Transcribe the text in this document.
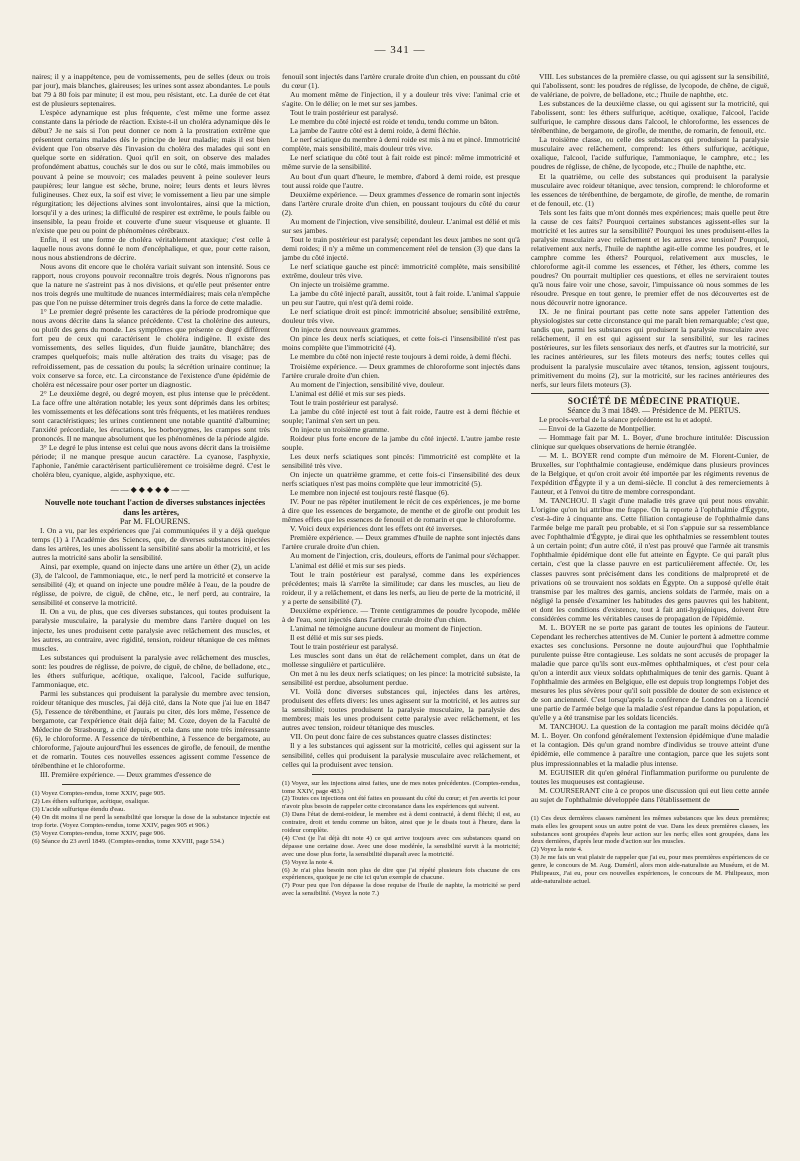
— 341 —

naires; il y a inappétence, peu de vomissements, peu de selles (deux ou trois par jour), mais blanches, glaireuses; les urines sont assez abondantes. Le pouls bat 79 à 80 fois par minute; il est mou, peu résistant, etc. La durée de cet état est de plusieurs septenaires.

L'espèce adynamique est plus fréquente, c'est même une forme assez constante dans la période de réaction. Existe-t-il un choléra adynamique dès le début? Je ne sais si l'on peut donner ce nom à la prostration extrême que présentent certains malades dès le principe de leur maladie; mais il est bien évident que l'on observe dès l'invasion du choléra des malades qui sont en quelque sorte en sidération. Quoi qu'il en soit, on observe des malades profondément abattus, couchés sur le dos ou sur le côté, mais immobiles ou pouvant à peine se mouvoir; ces malades peuvent à peine soulever leurs paupières; leur langue est sèche, brune, noire; leurs dents et leurs lèvres fuligineuses. Chez eux, la soif est vive; le vomissement a lieu par une simple régurgitation; les déjections alvines sont involontaires, ainsi que la miction, lorsqu'il y a des urines; la difficulté de respirer est extrême, le pouls faible ou insensible, la peau froide et couverte d'une sueur visqueuse et gluante. Il n'existe que peu ou point de phénomènes cérébraux.

Enfin, il est une forme de choléra véritablement ataxique; c'est celle à laquelle nous avons donné le nom d'encéphalique, et que, pour cette raison, nous nous abstiendrons de décrire.

Nous avons dit encore que le choléra variait suivant son intensité. Sous ce rapport, nous croyons pouvoir reconnaître trois degrés. Nous n'ignorons pas que la nature ne s'astreint pas à nos divisions, et qu'elle peut présenter entre nos trois degrés une multitude de nuances intermédiaires; mais cela n'empêche pas que l'on ne puisse déterminer trois degrés dans la force de cette maladie.

1° Le premier degré présente les caractères de la période prodromique que nous avons décrite dans la séance précédente. C'est la cholérine des auteurs, ou plutôt des gens du monde. Les symptômes que présente ce degré diffèrent fort peu de ceux qui caractérisent le choléra indigène. Il existe des vomissements, des selles liquides, d'un fluide jaunâtre, blanchâtre; des crampes quelquefois; mais nulle altération des traits du visage; pas de refroidissement, pas de cessation du pouls; la sécrétion urinaire continue; la voix conserve sa force, etc. La circonstance de l'existence d'une épidémie de choléra est nécessaire pour oser porter un diagnostic.

2° Le deuxième degré, ou degré moyen, est plus intense que le précédent. La face offre une altération notable; les yeux sont déprimés dans les orbites; les vomissements et les défécations sont très fréquents, et les matières rendues sont caractéristiques; les urines contiennent une notable quantité d'albumine; l'anxiété précordiale, les éructations, les borborygmes, les crampes sont très prononcés. Il ne manque absolument que les phénomènes de la période algide.

3° Le degré le plus intense est celui que nous avons décrit dans la troisième période; il ne manque presque aucun caractère. La cyanose, l'asphyxie, l'aphonie, l'anémie caractérisent particulièrement ce troisième degré. C'est le choléra bleu, cyanique, algide, asphyxique, etc.

——◆◆◆◆◆——

Nouvelle note touchant l'action de diverses substances injectées dans les artères,

Par M. FLOURENS.

I. On a vu, par les expériences que j'ai communiquées il y a déjà quelque temps (1) à l'Académie des Sciences, que, de diverses substances injectées dans les artères, les unes abolissent la sensibilité sans abolir la motricité, et les autres la motricité sans abolir la sensibilité.

Ainsi, par exemple, quand on injecte dans une artère un éther (2), un acide (3), de l'alcool, de l'ammoniaque, etc., le nerf perd la motricité et conserve la sensibilité (4); et quand on injecte une poudre mêlée à l'eau, de la poudre de réglisse, de poivre, de ciguë, de chêne, etc., le nerf perd, au contraire, la sensibilité et conserve la motricité.

II. On a vu, de plus, que ces diverses substances, qui toutes produisent la paralysie musculaire, la paralysie du membre dans l'artère duquel on les injecte, les unes produisent cette paralysie avec relâchement des muscles, et les autres, au contraire, avec rigidité, tension, roideur tétanique de ces mêmes muscles.

Les substances qui produisent la paralysie avec relâchement des muscles, sont: les poudres de réglisse, de poivre, de ciguë, de chêne, de belladone, etc., les éthers sulfurique, acétique, oxalique, l'alcool, l'acide sulfurique, l'ammoniaque, etc.

Parmi les substances qui produisent la paralysie du membre avec tension, roideur tétanique des muscles, j'ai déjà cité, dans la Note que j'ai lue en 1847 (5), l'essence de térébenthine, et j'aurais pu citer, dès lors même, l'essence de bergamote, car l'expérience était déjà faite; M. Coze, doyen de la Faculté de Médecine de Strasbourg, a cité depuis, et cela dans une note très intéressante (6), le chloroforme. A l'essence de térébenthine, à l'essence de bergamote, au chloroforme, j'ajoute aujourd'hui les essences de girofle, de fenouil, de menthe et de romarin. Toutes ces nouvelles essences agissent comme l'essence de térébenthine et le chloroforme.

III. Première expérience. — Deux grammes d'essence de

(1) Voyez Comptes-rendus, tome XXIV, page 905.

(2) Les éthers sulfurique, acétique, oxalique.

(3) L'acide sulfurique étendu d'eau.

(4) On dit moins il ne perd la sensibilité que lorsque la dose de la substance injectée est trop forte. (Voyez Comptes-rendus, tome XXIV, pages 905 et 906.)

(5) Voyez Comptes-rendus, tome XXIV, page 906.

(6) Séance du 23 avril 1849. (Comptes-rendus, tome XXVIII, page 534.)

fenouil sont injectés dans l'artère crurale droite d'un chien, en poussant du côté du cœur (1).

Au moment même de l'injection, il y a douleur très vive: l'animal crie et s'agite. On le délie; on le met sur ses jambes.

Tout le train postérieur est paralysé.

Le membre du côté injecté est roide et tendu, tendu comme un bâton.

La jambe de l'autre côté est à demi roide, à demi fléchie.

Le nerf sciatique du membre à demi roide est mis à nu et pincé. Immotricité complète, mais sensibilité, mais douleur très vive.

Le nerf sciatique du côté tout à fait roide est pincé: même immotricité et même survie de la sensibilité.

Au bout d'un quart d'heure, le membre, d'abord à demi roide, est presque tout aussi roide que l'autre.

Deuxième expérience. — Deux grammes d'essence de romarin sont injectés dans l'artère crurale droite d'un chien, en poussant toujours du côté du cœur (2).

Au moment de l'injection, vive sensibilité, douleur. L'animal est délié et mis sur ses jambes.

Tout le train postérieur est paralysé; cependant les deux jambes ne sont qu'à demi roides; il n'y a même un commencement réel de tension (3) que dans la jambe du côté injecté.

Le nerf sciatique gauche est pincé: immotricité complète, mais sensibilité extrême, douleur très vive.

On injecte un troisième gramme.

La jambe du côté injecté paraît, aussitôt, tout à fait roide. L'animal s'appuie un peu sur l'autre, qui n'est qu'à demi roide.

Le nerf sciatique droit est pincé: immotricité absolue; sensibilité extrême, douleur très vive.

On injecte deux nouveaux grammes.

On pince les deux nerfs sciatiques, et cette fois-ci l'insensibilité n'est pas moins complète que l'immotricité (4).

Le membre du côté non injecté reste toujours à demi roide, à demi fléchi.

Troisième expérience. — Deux grammes de chloroforme sont injectés dans l'artère crurale droite d'un chien.

Au moment de l'injection, sensibilité vive, douleur.

L'animal est délié et mis sur ses pieds.

Tout le train postérieur est paralysé.

La jambe du côté injecté est tout à fait roide, l'autre est à demi fléchie et souple; l'animal s'en sert un peu.

On injecte un troisième gramme.

Roideur plus forte encore de la jambe du côté injecté. L'autre jambe reste souple.

Les deux nerfs sciatiques sont pincés: l'immotricité est complète et la sensibilité très vive.

On injecte un quatrième gramme, et cette fois-ci l'insensibilité des deux nerfs sciatiques n'est pas moins complète que leur immotricité (5).

Le membre non injecté est toujours resté flasque (6).

IV. Pour ne pas répéter inutilement le récit de ces expériences, je me borne à dire que les essences de bergamote, de menthe et de girofle ont produit les mêmes effets que les essences de fenouil et de romarin et que le chloroforme.

V. Voici deux expériences dont les effets ont été inverses.

Première expérience. — Deux grammes d'huile de naphte sont injectés dans l'artère crurale droite d'un chien.

Au moment de l'injection, cris, douleurs, efforts de l'animal pour s'échapper.

L'animal est délié et mis sur ses pieds.

Tout le train postérieur est paralysé, comme dans les expériences précédentes; mais là s'arrête la similitude; car dans les muscles, au lieu de roideur, il y a relâchement, et dans les nerfs, au lieu de perte de la motricité, il y a perte de sensibilité (7).

Deuxième expérience. — Trente centigrammes de poudre lycopode, mêlée à de l'eau, sont injectés dans l'artère crurale droite d'un chien.

L'animal ne témoigne aucune douleur au moment de l'injection.

Il est délié et mis sur ses pieds.

Tout le train postérieur est paralysé.

Les muscles sont dans un état de relâchement complet, dans un état de mollesse singulière et particulière.

On met à nu les deux nerfs sciatiques; on les pince: la motricité subsiste, la sensibilité est perdue, absolument perdue.

VI. Voilà donc diverses substances qui, injectées dans les artères, produisent des effets divers: les unes agissent sur la motricité, et les autres sur la sensibilité; toutes produisent la paralysie musculaire, la paralysie des membres; mais les unes produisent cette paralysie avec relâchement, et les autres avec tension, roideur tétanique des muscles.

VII. On peut donc faire de ces substances quatre classes distinctes:

Il y a les substances qui agissent sur la motricité, celles qui agissent sur la sensibilité, celles qui produisent la paralysie musculaire avec relâchement, et celles qui la produisent avec tension.

(1) Voyez, sur les injections ainsi faites, une de mes notes précédentes. (Comptes-rendus, tome XXIV, page 483.)

(2) Toutes ces injections ont été faites en poussant du côté du cœur; et j'en avertis ici pour n'avoir plus besoin de rappeler cette circonstance dans les expériences qui suivent.

(3) Dans l'état de demi-roideur, le membre est à demi contracté, à demi fléchi; il est, au contraire, droit et tendu comme un bâton, ainsi que je le disais tout à l'heure, dans la roideur complète.

(4) C'est (je l'ai déjà dit note 4) ce qui arrive toujours avec ces substances quand on dépasse une certaine dose. Avec une dose modérée, la sensibilité survit à la motricité; avec une dose plus forte, la sensibilité disparaît avec la motricité.

(5) Voyez la note 4.

(6) Je n'ai plus besoin non plus de dire que j'ai répété plusieurs fois chacune de ces expériences, quoique je ne cite ici qu'un exemple de chacune.

(7) Pour peu que l'on dépasse la dose requise de l'huile de naphte, la motricité se perd avec la sensibilité. (Voyez la note 7.)

VIII. Les substances de la première classe, ou qui agissent sur la sensibilité, qui l'abolissent, sont: les poudres de réglisse, de lycopode, de chêne, de ciguë, de valériane, de poivre, de belladone, etc.; l'huile de naphthe, etc.

Les substances de la deuxième classe, ou qui agissent sur la motricité, qui l'abolissent, sont: les éthers sulfurique, acétique, oxalique, l'alcool, l'acide sulfurique, le camphre dissous dans l'alcool, le chloroforme, les essences de térébenthine, de bergamote, de girofle, de menthe, de romarin, de fenouil, etc.

La troisième classe, ou celle des substances qui produisent la paralysie musculaire avec relâchement, comprend: les éthers sulfurique, acétique, oxalique, l'alcool, l'acide sulfurique, l'ammoniaque, le camphre, etc.; les poudres de réglisse, de chêne, de lycopode, etc.; l'huile de naphthe, etc.

Et la quatrième, ou celle des substances qui produisent la paralysie musculaire avec roideur tétanique, avec tension, comprend: le chloroforme et les essences de térébenthine, de bergamote, de girofle, de menthe, de romarin et de fenouil, etc. (1)

Tels sont les faits que m'ont donnés mes expériences; mais quelle peut être la cause de ces faits? Pourquoi certaines substances agissent-elles sur la motricité et les autres sur la sensibilité? Pourquoi les unes produisent-elles la paralysie musculaire avec relâchement et les autres avec tension? Pourquoi, relativement aux nerfs, l'huile de naphthe agit-elle comme les poudres, et le camphre comme les éthers? Pourquoi, relativement aux muscles, le chloroforme agit-il comme les essences, et l'éther, les éthers, comme les poudres? On pourrait multiplier ces questions, et elles ne serviraient toutes qu'à nous faire voir une chose, savoir, l'impuissance où nous sommes de les résoudre. Presque en tout genre, le premier effet de nos découvertes est de nous découvrir notre ignorance.

IX. Je ne finirai pourtant pas cette note sans appeler l'attention des physiologistes sur cette circonstance qui me paraît bien remarquable; c'est que, tandis que, parmi les substances qui produisent la paralysie musculaire avec relâchement, il en est qui agissent sur la sensibilité, sur les racines postérieures, sur les filets sensoriaux des nerfs, et d'autres sur la motricité, sur les racines antérieures, sur les filets moteurs des nerfs; toutes celles qui produisent la paralysie musculaire avec tétanos, tension, agissent toujours, primitivement du moins (2), sur la motricité, sur les racines antérieures des nerfs, sur leurs filets moteurs (3).

SOCIÉTÉ DE MÉDECINE PRATIQUE.

Séance du 3 mai 1849. — Présidence de M. PERTUS.

Le procès-verbal de la séance précédente est lu et adopté.

— Envoi de la Gazette de Montpellier.

— Hommage fait par M. L. Boyer, d'une brochure intitulée: Discussion clinique sur quelques observations de hernie étranglée.

— M. L. BOYER rend compte d'un mémoire de M. Florent-Cunier, de Bruxelles, sur l'ophthalmie contagieuse, endémique dans plusieurs provinces de la Belgique, et qu'on croit avoir été importée par les régiments revenus de l'expédition d'Égypte il y a un demi-siècle. Il conclut à des remerciements à l'auteur, et à l'envoi du titre de membre correspondant.

M. TANCHOU. Il s'agit d'une maladie très grave qui peut nous envahir. L'origine qu'on lui attribue me frappe. On la reporte à l'ophthalmie d'Égypte, c'est-à-dire à cinquante ans. Cette filiation contagieuse de l'ophthalmie dans l'armée belge me paraît peu probable, et si l'on s'appuie sur sa ressemblance avec l'ophthalmie d'Égypte, je dirai que les ophthalmies se ressemblent toutes à un certain point; d'un autre côté, il n'est pas prouvé que l'armée ait transmis l'ophthalmie épidémique dont elle fut atteinte en Égypte. Ce qui paraît plus certain, c'est que la classe pauvre en est particulièrement affectée. Or, les classes pauvres sont précisément dans les conditions de malpropreté et de privations où se trouvaient nos soldats en Égypte. On a supposé qu'elle était transmise par les maîtres des garnis, anciens soldats de l'armée, mais on a négligé la pensée d'examiner les habitudes des gens pauvres qui les habitent, et dont les conditions d'existence, tout à fait anti-hygiéniques, doivent être considérées comme les véritables causes de propagation de l'épidémie.

M. L. BOYER ne se porte pas garant de toutes les opinions de l'auteur. Cependant les recherches attentives de M. Cunier le portent à admettre comme exactes ses conclusions. Personne ne doute aujourd'hui que l'ophthalmie purulente puisse être contagieuse. Les soldats ne sont accusés de propager la maladie que parce qu'ils sont eux-mêmes ophthalmiques, et c'est pour cela qu'on a interdit aux vieux soldats ophthalmiques de tenir des garnis. Quant à l'ophthalmie des armées en Belgique, elle est depuis trop longtemps l'objet des mesures les plus sévères pour qu'il soit possible de douter de son existence et de son ancienneté. C'est lorsqu'après la conférence de Londres on a licencié une partie de l'armée belge que la maladie s'est répandue dans la population, et qu'elle y a été transmise par les soldats licenciés.

M. TANCHOU. La question de la contagion me paraît moins décidée qu'à M. L. Boyer. On confond généralement l'extension épidémique d'une maladie et la contagion. Dès qu'un grand nombre d'individus se trouve atteint d'une épidémie, elle commence à paraître une contagion, parce que les sujets sont plus impressionnables et la maladie plus intense.

M. EGUISIER dit qu'en général l'inflammation puriforme ou purulente de toutes les muqueuses est contagieuse.

M. COURSERANT cite à ce propos une discussion qui eut lieu cette année au sujet de l'ophthalmie développée dans l'établissement de

(1) Ces deux dernières classes ramènent les mêmes substances que les deux premières; mais elles les groupent sous un autre point de vue. Dans les deux premières classes, les substances sont groupées d'après leur action sur les nerfs; elles sont groupées, dans les deux dernières, d'après leur mode d'action sur les muscles.

(2) Voyez la note 4.

(3) Je me fais un vrai plaisir de rappeler que j'ai eu, pour mes premières expériences de ce genre, le concours de M. Aug. Duméril, alors mon aide-naturaliste au Muséum, et de M. Philipeaux, J'ai eu, pour ces nouvelles expériences, le concours de M. Philipeaux, mon aide-naturaliste actuel.
